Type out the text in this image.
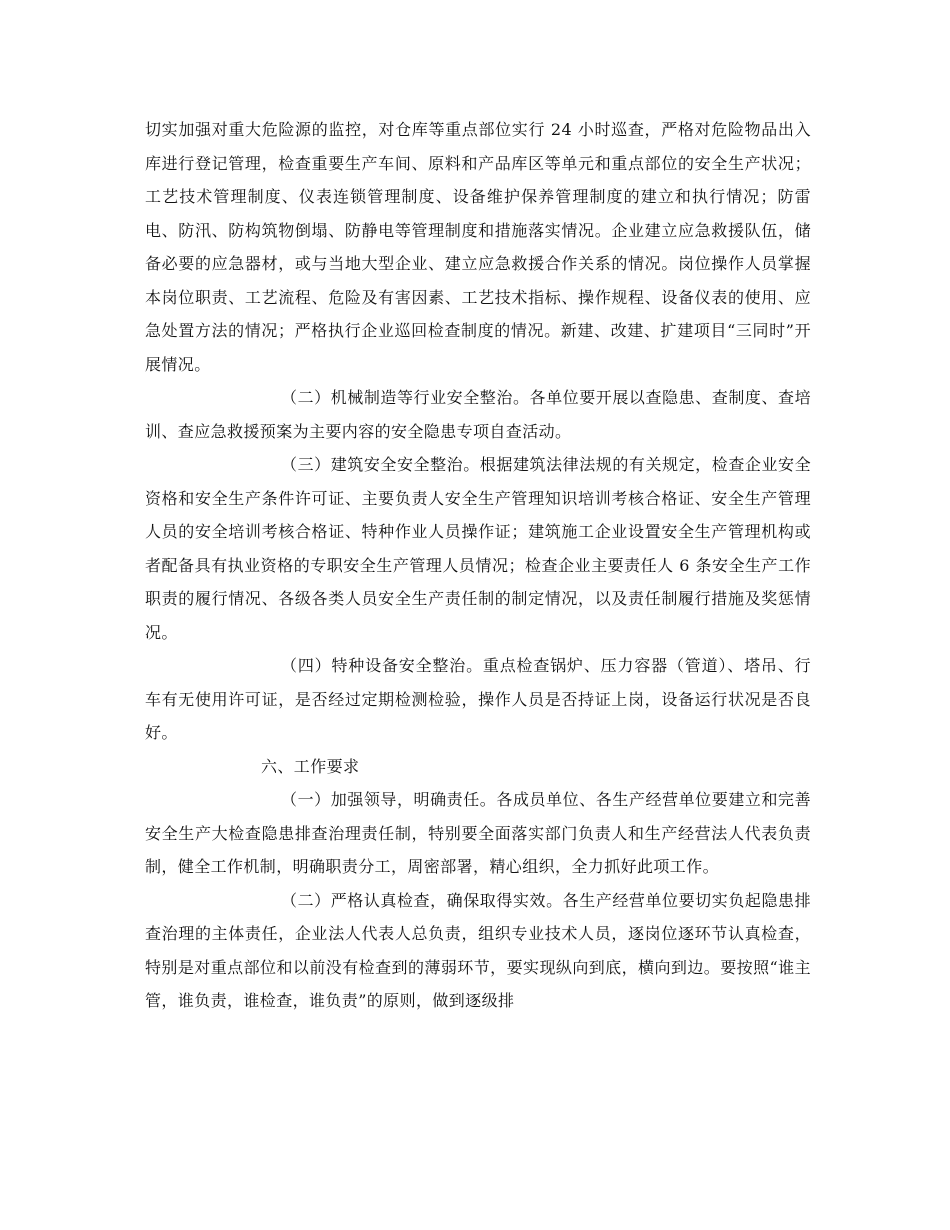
切实加强对重大危险源的监控，对仓库等重点部位实行 24 小时巡查，严格对危险物品出入库进行登记管理，检查重要生产车间、原料和产品库区等单元和重点部位的安全生产状况；工艺技术管理制度、仪表连锁管理制度、设备维护保养管理制度的建立和执行情况；防雷电、防汛、防构筑物倒塌、防静电等管理制度和措施落实情况。企业建立应急救援队伍，储备必要的应急器材，或与当地大型企业、建立应急救援合作关系的情况。岗位操作人员掌握本岗位职责、工艺流程、危险及有害因素、工艺技术指标、操作规程、设备仪表的使用、应急处置方法的情况；严格执行企业巡回检查制度的情况。新建、改建、扩建项目“三同时”开展情况。

（二）机械制造等行业安全整治。各单位要开展以查隐患、查制度、查培训、查应急救援预案为主要内容的安全隐患专项自查活动。

（三）建筑安全安全整治。根据建筑法律法规的有关规定，检查企业安全资格和安全生产条件许可证、主要负责人安全生产管理知识培训考核合格证、安全生产管理人员的安全培训考核合格证、特种作业人员操作证；建筑施工企业设置安全生产管理机构或者配备具有执业资格的专职安全生产管理人员情况；检查企业主要责任人 6 条安全生产工作职责的履行情况、各级各类人员安全生产责任制的制定情况，以及责任制履行措施及奖惩情况。

（四）特种设备安全整治。重点检查锅炉、压力容器（管道）、塔吊、行车有无使用许可证，是否经过定期检测检验，操作人员是否持证上岗，设备运行状况是否良好。

六、工作要求

（一）加强领导，明确责任。各成员单位、各生产经营单位要建立和完善安全生产大检查隐患排查治理责任制，特别要全面落实部门负责人和生产经营法人代表负责制，健全工作机制，明确职责分工，周密部署，精心组织，全力抓好此项工作。

（二）严格认真检查，确保取得实效。各生产经营单位要切实负起隐患排查治理的主体责任，企业法人代表人总负责，组织专业技术人员，逐岗位逐环节认真检查，特别是对重点部位和以前没有检查到的薄弱环节，要实现纵向到底，横向到边。要按照“谁主管，谁负责，谁检查，谁负责”的原则，做到逐级排
